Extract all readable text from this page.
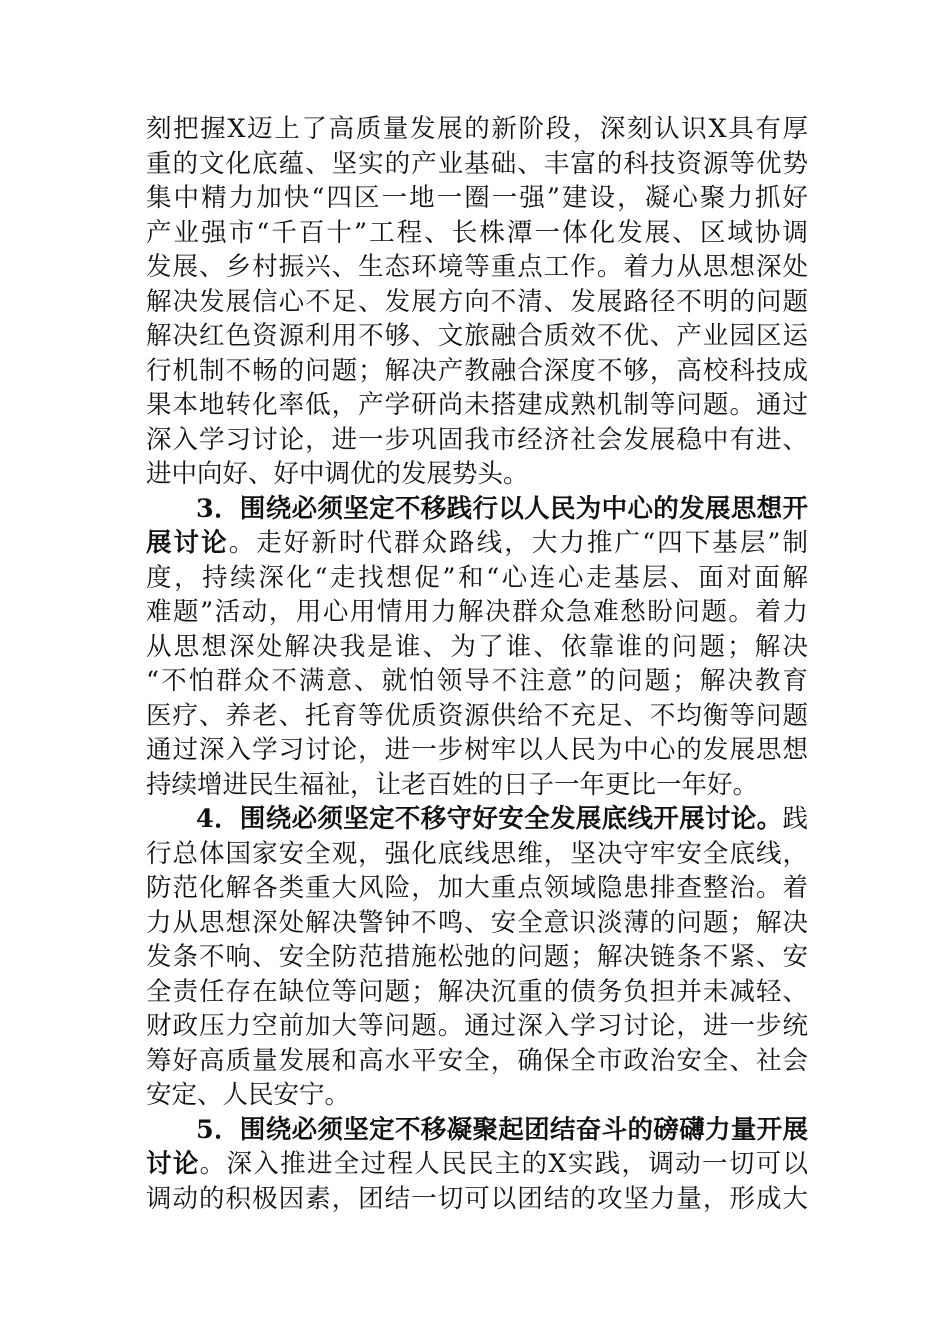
刻把握X迈上了高质量发展的新阶段，深刻认识X具有厚
重的文化底蕴、坚实的产业基础、丰富的科技资源等优势
集中精力加快“四区一地一圈一强”建设，凝心聚力抓好
产业强市“千百十”工程、长株潭一体化发展、区域协调
发展、乡村振兴、生态环境等重点工作。着力从思想深处
解决发展信心不足、发展方向不清、发展路径不明的问题
解决红色资源利用不够、文旅融合质效不优、产业园区运
行机制不畅的问题；解决产教融合深度不够，高校科技成
果本地转化率低，产学研尚未搭建成熟机制等问题。通过
深入学习讨论，进一步巩固我市经济社会发展稳中有进、
进中向好、好中调优的发展势头。
3．围绕必须坚定不移践行以人民为中心的发展思想开
展讨论。走好新时代群众路线，大力推广“四下基层”制
度，持续深化“走找想促”和“心连心走基层、面对面解
难题”活动，用心用情用力解决群众急难愁盼问题。着力
从思想深处解决我是谁、为了谁、依靠谁的问题；解决
“不怕群众不满意、就怕领导不注意”的问题；解决教育
医疗、养老、托育等优质资源供给不充足、不均衡等问题
通过深入学习讨论，进一步树牢以人民为中心的发展思想
持续增进民生福祉，让老百姓的日子一年更比一年好。
4．围绕必须坚定不移守好安全发展底线开展讨论。践
行总体国家安全观，强化底线思维，坚决守牢安全底线，
防范化解各类重大风险，加大重点领域隐患排查整治。着
力从思想深处解决警钟不鸣、安全意识淡薄的问题；解决
发条不响、安全防范措施松弛的问题；解决链条不紧、安
全责任存在缺位等问题；解决沉重的债务负担并未减轻、
财政压力空前加大等问题。通过深入学习讨论，进一步统
筹好高质量发展和高水平安全，确保全市政治安全、社会
安定、人民安宁。
5．围绕必须坚定不移凝聚起团结奋斗的磅礴力量开展
讨论。深入推进全过程人民民主的X实践，调动一切可以
调动的积极因素，团结一切可以团结的攻坚力量，形成大
